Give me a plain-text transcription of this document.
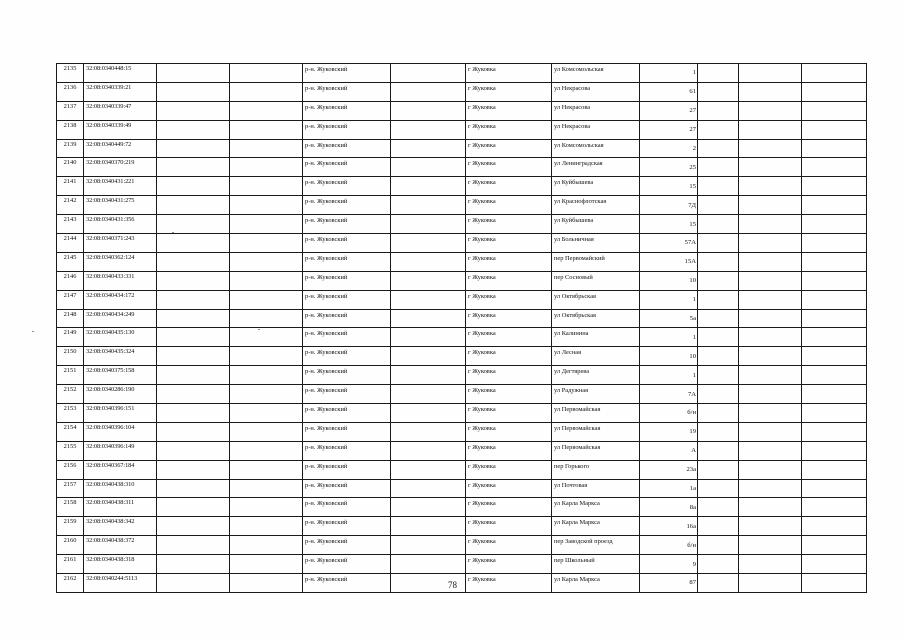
2135	32:08:0340448:15			р-н. Жуковский		г Жуковка	ул Комсомольская	1			
2136	32:08:0340339:21			р-н. Жуковский		г Жуковка	ул Некрасова	61			
2137	32:08:0340339:47			р-н. Жуковский		г Жуковка	ул Некрасова	27			
2138	32:08:0340339:49			р-н. Жуковский		г Жуковка	ул Некрасова	27			
2139	32:08:0340449:72			р-н. Жуковский		г Жуковка	ул Комсомольская	2			
2140	32:08:0340370:219			р-н. Жуковский		г Жуковка	ул Ленинградская	25			
2141	32:08:0340431:221			р-н. Жуковский		г Жуковка	ул Куйбышева	15			
2142	32:08:0340431:275			р-н. Жуковский		г Жуковка	ул Краснофлотская	7Д			
2143	32:08:0340431:356			р-н. Жуковский		г Жуковка	ул Куйбышева	15			
2144	32:08:0340371:243			р-н. Жуковский		г Жуковка	ул Больничная	57А			
2145	32:08:0340362:124			р-н. Жуковский		г Жуковка	пер Первомайский	15А			
2146	32:08:0340433:331			р-н. Жуковский		г Жуковка	пер Сосновый	10			
2147	32:08:0340434:172			р-н. Жуковский		г Жуковка	ул Октябрьская	1			
2148	32:08:0340434:249			р-н. Жуковский		г Жуковка	ул Октябрьская	5а			
2149	32:08:0340435:130			р-н. Жуковский		г Жуковка	ул Калинина	1			
2150	32:08:0340435:324			р-н. Жуковский		г Жуковка	ул Лесная	10			
2151	32:08:0340375:158			р-н. Жуковский		г Жуковка	ул Дегтярева	1			
2152	32:08:0340286:190			р-н. Жуковский		г Жуковка	ул Радужная	7А			
2153	32:08:0340396:151			р-н. Жуковский		г Жуковка	ул Первомайская	б/н			
2154	32:08:0340396:104			р-н. Жуковский		г Жуковка	ул Первомайская	19			
2155	32:08:0340396:149			р-н. Жуковский		г Жуковка	ул Первомайская	А			
2156	32:08:0340367:184			р-н. Жуковский		г Жуковка	пер Горького	23а			
2157	32:08:0340438:310			р-н. Жуковский		г Жуковка	ул Почтовая	1а			
2158	32:08:0340438:311			р-н. Жуковский		г Жуковка	ул Карла Маркса	8а			
2159	32:08:0340438:342			р-н. Жуковский		г Жуковка	ул Карла Маркса	16а			
2160	32:08:0340438:372			р-н. Жуковский		г Жуковка	пер Заводской проезд	б/н			
2161	32:08:0340438:318			р-н. Жуковский		г Жуковка	пер Школьный	9			
2162	32:08:0340244:5113			р-н. Жуковский		г Жуковка	ул Карла Маркса	87			
78
